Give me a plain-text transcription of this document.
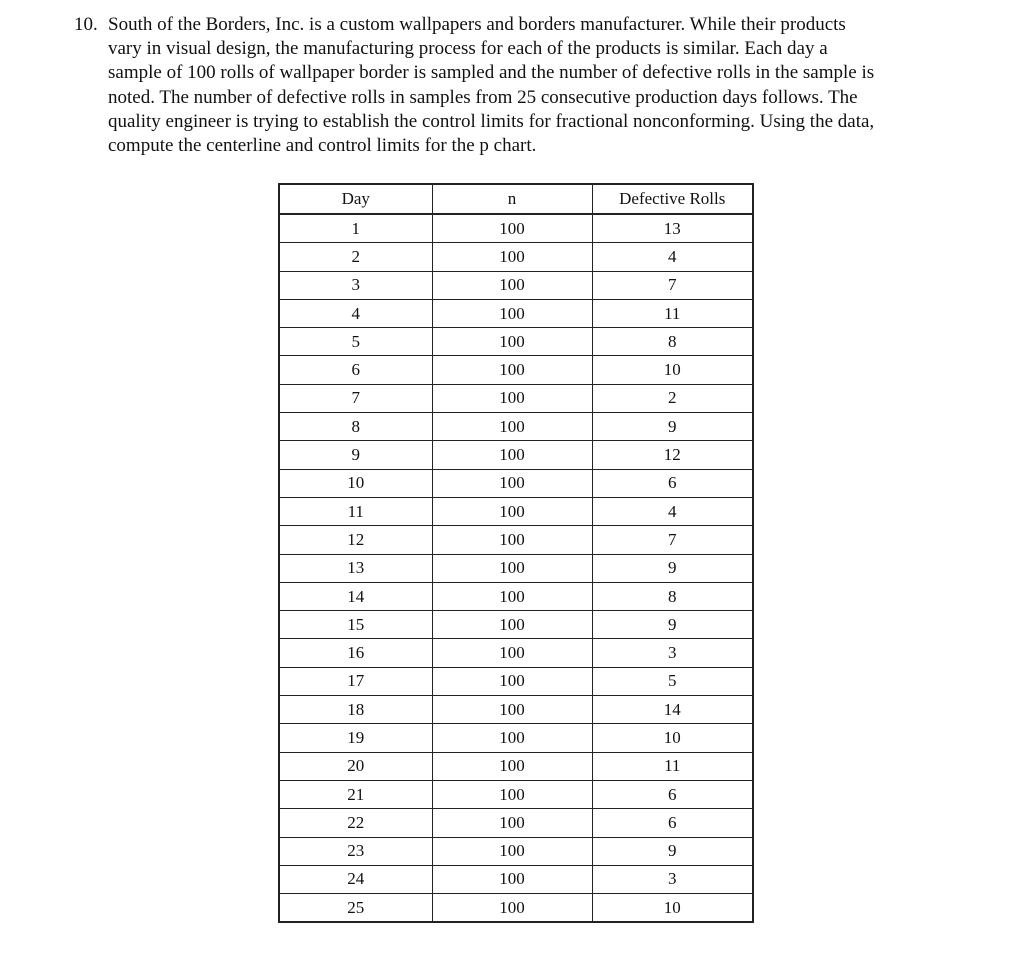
10. South of the Borders, Inc. is a custom wallpapers and borders manufacturer. While their products
vary in visual design, the manufacturing process for each of the products is similar. Each day a
sample of 100 rolls of wallpaper border is sampled and the number of defective rolls in the sample is
noted. The number of defective rolls in samples from 25 consecutive production days follows. The
quality engineer is trying to establish the control limits for fractional nonconforming. Using the data,
compute the centerline and control limits for the p chart.
Day	n	Defective Rolls
1	100	13
2	100	4
3	100	7
4	100	11
5	100	8
6	100	10
7	100	2
8	100	9
9	100	12
10	100	6
11	100	4
12	100	7
13	100	9
14	100	8
15	100	9
16	100	3
17	100	5
18	100	14
19	100	10
20	100	11
21	100	6
22	100	6
23	100	9
24	100	3
25	100	10
